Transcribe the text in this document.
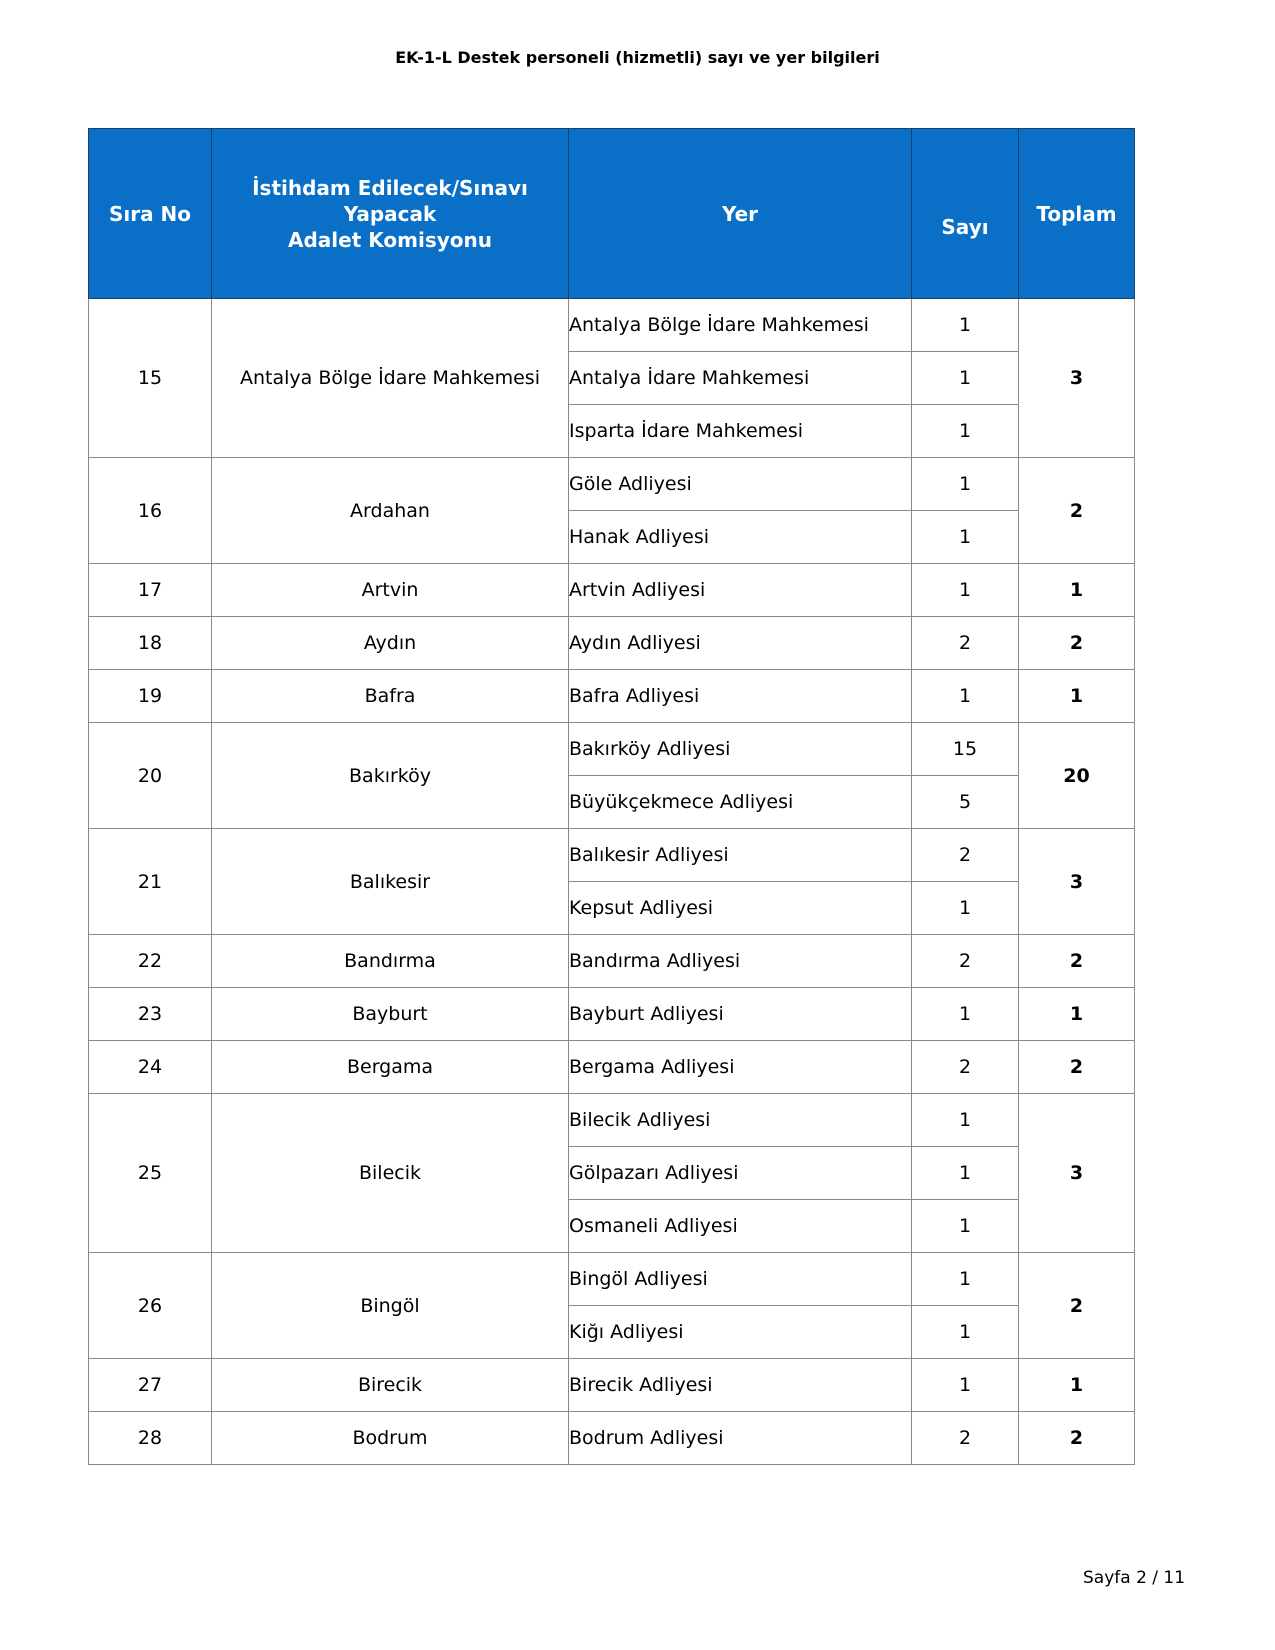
EK-1-L Destek personeli (hizmetli) sayı ve yer bilgileri
Sıra No	İstihdam Edilecek/Sınavı
Yapacak
Adalet Komisyonu	Yer	Sayı	Toplam
15	Antalya Bölge İdare Mahkemesi	Antalya Bölge İdare Mahkemesi	1	3
		Antalya İdare Mahkemesi	1	
		Isparta İdare Mahkemesi	1	
16	Ardahan	Göle Adliyesi	1	2
		Hanak Adliyesi	1	
17	Artvin	Artvin Adliyesi	1	1
18	Aydın	Aydın Adliyesi	2	2
19	Bafra	Bafra Adliyesi	1	1
20	Bakırköy	Bakırköy Adliyesi	15	20
		Büyükçekmece Adliyesi	5	
21	Balıkesir	Balıkesir Adliyesi	2	3
		Kepsut Adliyesi	1	
22	Bandırma	Bandırma Adliyesi	2	2
23	Bayburt	Bayburt Adliyesi	1	1
24	Bergama	Bergama Adliyesi	2	2
25	Bilecik	Bilecik Adliyesi	1	3
		Gölpazarı Adliyesi	1	
		Osmaneli Adliyesi	1	
26	Bingöl	Bingöl Adliyesi	1	2
		Kiğı Adliyesi	1	
27	Birecik	Birecik Adliyesi	1	1
28	Bodrum	Bodrum Adliyesi	2	2
Sayfa 2 / 11
